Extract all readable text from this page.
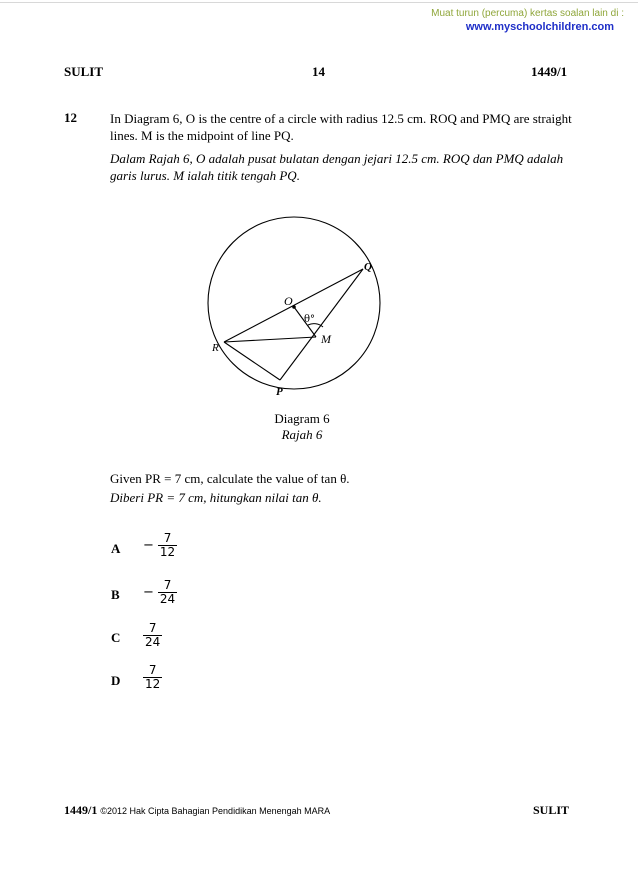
Muat turun (percuma) kertas soalan lain di :
www.myschoolchildren.com
SULIT	14	1449/1
12	In Diagram 6, O is the centre of a circle with radius 12.5 cm. ROQ and PMQ are straight
lines. M is the midpoint of line PQ.
Dalam Rajah 6, O adalah pusat bulatan dengan jejari 12.5 cm. ROQ dan PMQ adalah
garis lurus. M ialah titik tengah PQ.
O
Q
R
P
M
θ°
Diagram 6
Rajah 6
Given PR = 7 cm, calculate the value of tan θ.
Diberi PR = 7 cm, hitungkan nilai tan θ.
$A - \frac{7}{12}$
$B - \frac{7}{24}$
C $\frac{7}{24}$
D $\frac{7}{12}$
1449/1 ©2012 Hak Cipta Bahagian Pendidikan Menengah MARA	SULIT
